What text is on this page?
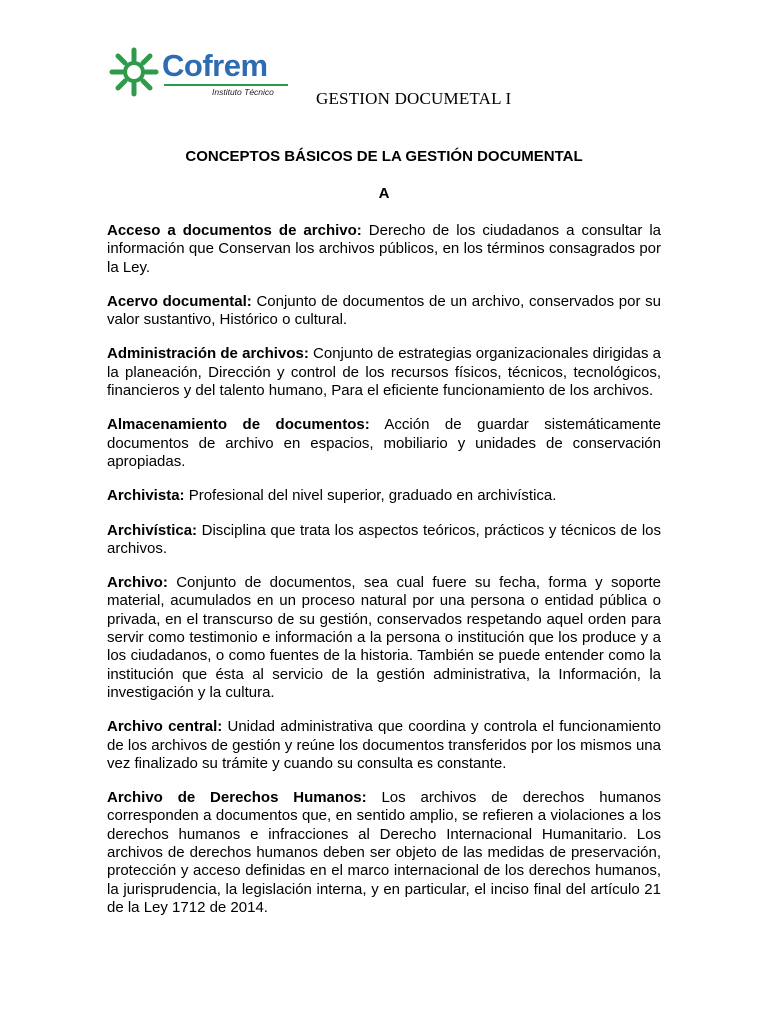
Cofrem
Instituto Técnico GESTION DOCUMETAL I
CONCEPTOS BÁSICOS DE LA GESTIÓN DOCUMENTAL
A

Acceso a documentos de archivo: Derecho de los ciudadanos a consultar la información que Conservan los archivos públicos, en los términos consagrados por la Ley.

Acervo documental: Conjunto de documentos de un archivo, conservados por su valor sustantivo, Histórico o cultural.

Administración de archivos: Conjunto de estrategias organizacionales dirigidas a la planeación, Dirección y control de los recursos físicos, técnicos, tecnológicos, financieros y del talento humano, Para el eficiente funcionamiento de los archivos.

Almacenamiento de documentos: Acción de guardar sistemáticamente documentos de archivo en espacios, mobiliario y unidades de conservación apropiadas.

Archivista: Profesional del nivel superior, graduado en archivística.

Archivística: Disciplina que trata los aspectos teóricos, prácticos y técnicos de los archivos.

Archivo: Conjunto de documentos, sea cual fuere su fecha, forma y soporte material, acumulados en un proceso natural por una persona o entidad pública o privada, en el transcurso de su gestión, conservados respetando aquel orden para servir como testimonio e información a la persona o institución que los produce y a los ciudadanos, o como fuentes de la historia. También se puede entender como la institución que ésta al servicio de la gestión administrativa, la Información, la investigación y la cultura.

Archivo central: Unidad administrativa que coordina y controla el funcionamiento de los archivos de gestión y reúne los documentos transferidos por los mismos una vez finalizado su trámite y cuando su consulta es constante.

Archivo de Derechos Humanos: Los archivos de derechos humanos corresponden a documentos que, en sentido amplio, se refieren a violaciones a los derechos humanos e infracciones al Derecho Internacional Humanitario. Los archivos de derechos humanos deben ser objeto de las medidas de preservación, protección y acceso definidas en el marco internacional de los derechos humanos, la jurisprudencia, la legislación interna, y en particular, el inciso final del artículo 21 de la Ley 1712 de 2014.
